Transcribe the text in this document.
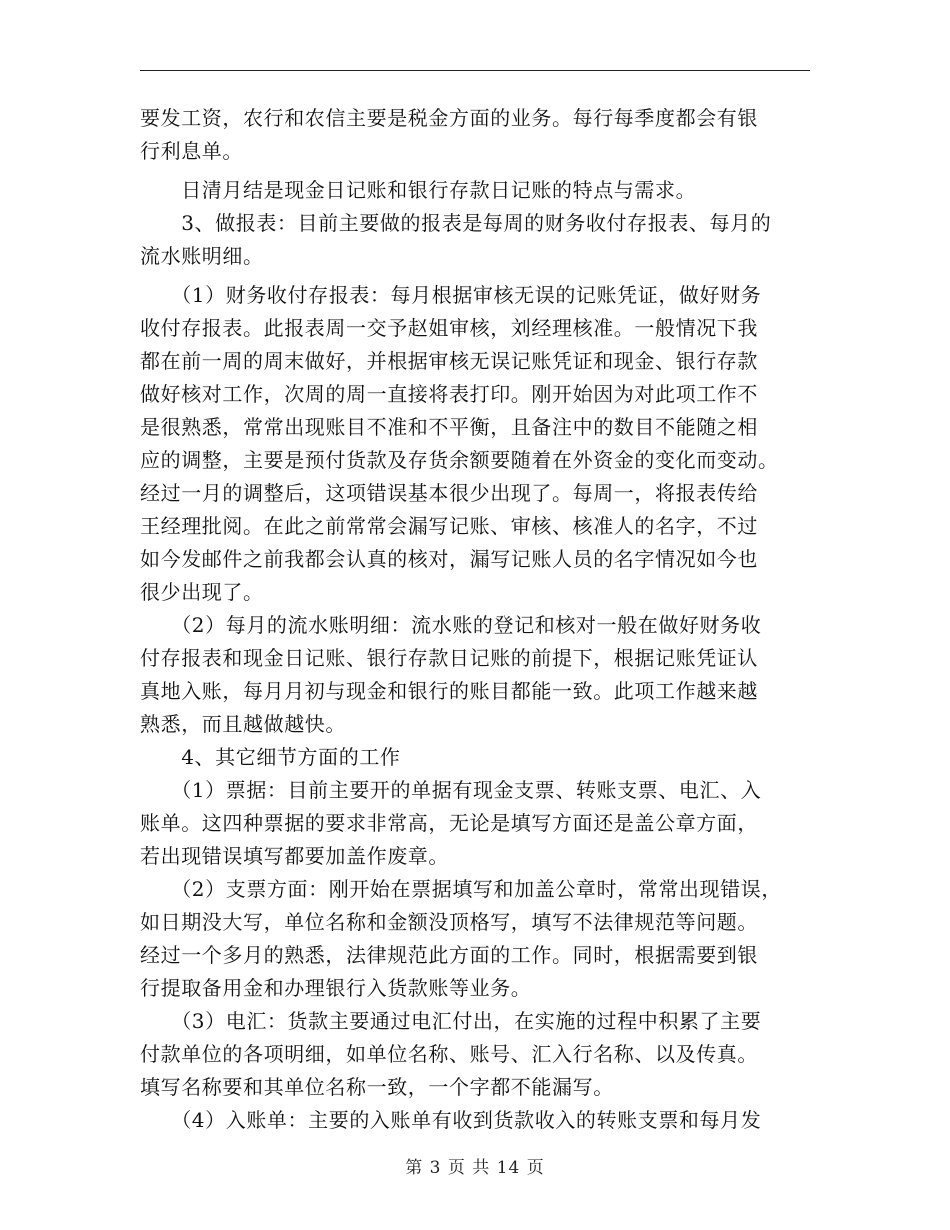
要发工资，农行和农信主要是税金方面的业务。每行每季度都会有银

行利息单。

　　日清月结是现金日记账和银行存款日记账的特点与需求。

　　3、做报表：目前主要做的报表是每周的财务收付存报表、每月的

流水账明细。

　　（1）财务收付存报表：每月根据审核无误的记账凭证，做好财务

收付存报表。此报表周一交予赵姐审核，刘经理核准。一般情况下我

都在前一周的周末做好，并根据审核无误记账凭证和现金、银行存款

做好核对工作，次周的周一直接将表打印。刚开始因为对此项工作不

是很熟悉，常常出现账目不准和不平衡，且备注中的数目不能随之相

应的调整，主要是预付货款及存货余额要随着在外资金的变化而变动。

经过一月的调整后，这项错误基本很少出现了。每周一，将报表传给

王经理批阅。在此之前常常会漏写记账、审核、核准人的名字，不过

如今发邮件之前我都会认真的核对，漏写记账人员的名字情况如今也

很少出现了。

　　（2）每月的流水账明细：流水账的登记和核对一般在做好财务收

付存报表和现金日记账、银行存款日记账的前提下，根据记账凭证认

真地入账，每月月初与现金和银行的账目都能一致。此项工作越来越

熟悉，而且越做越快。

　　4、其它细节方面的工作

　　（1）票据：目前主要开的单据有现金支票、转账支票、电汇、入

账单。这四种票据的要求非常高，无论是填写方面还是盖公章方面，

若出现错误填写都要加盖作废章。

　　（2）支票方面：刚开始在票据填写和加盖公章时，常常出现错误，

如日期没大写，单位名称和金额没顶格写，填写不法律规范等问题。

经过一个多月的熟悉，法律规范此方面的工作。同时，根据需要到银

行提取备用金和办理银行入货款账等业务。

　　（3）电汇：货款主要通过电汇付出，在实施的过程中积累了主要

付款单位的各项明细，如单位名称、账号、汇入行名称、以及传真。

填写名称要和其单位名称一致，一个字都不能漏写。

　　（4）入账单：主要的入账单有收到货款收入的转账支票和每月发

第 3 页 共 14 页
